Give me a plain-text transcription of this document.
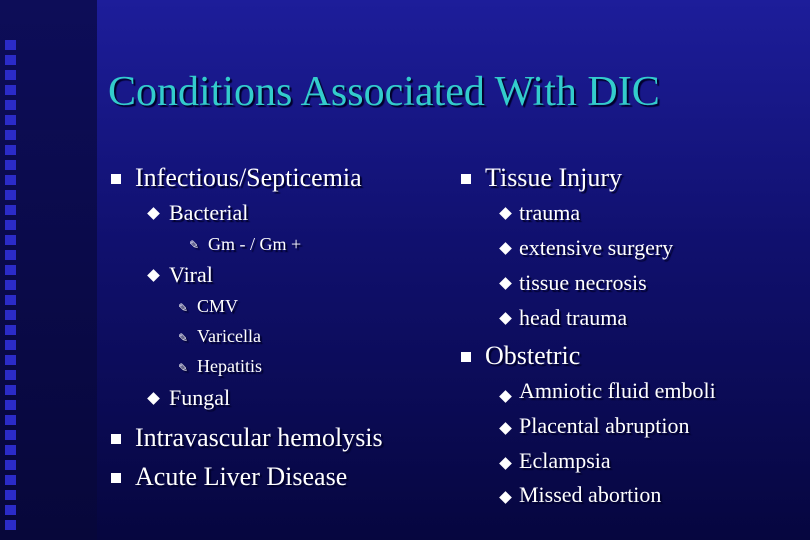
Conditions Associated With DIC
Infectious/Septicemia
Bacterial
✎ Gm - / Gm +
Viral
✎ CMV
✎ Varicella
✎ Hepatitis
Fungal
Intravascular hemolysis
Acute Liver Disease
Tissue Injury
trauma
extensive surgery
tissue necrosis
head trauma
Obstetric
Amniotic fluid emboli
Placental abruption
Eclampsia
Missed abortion
